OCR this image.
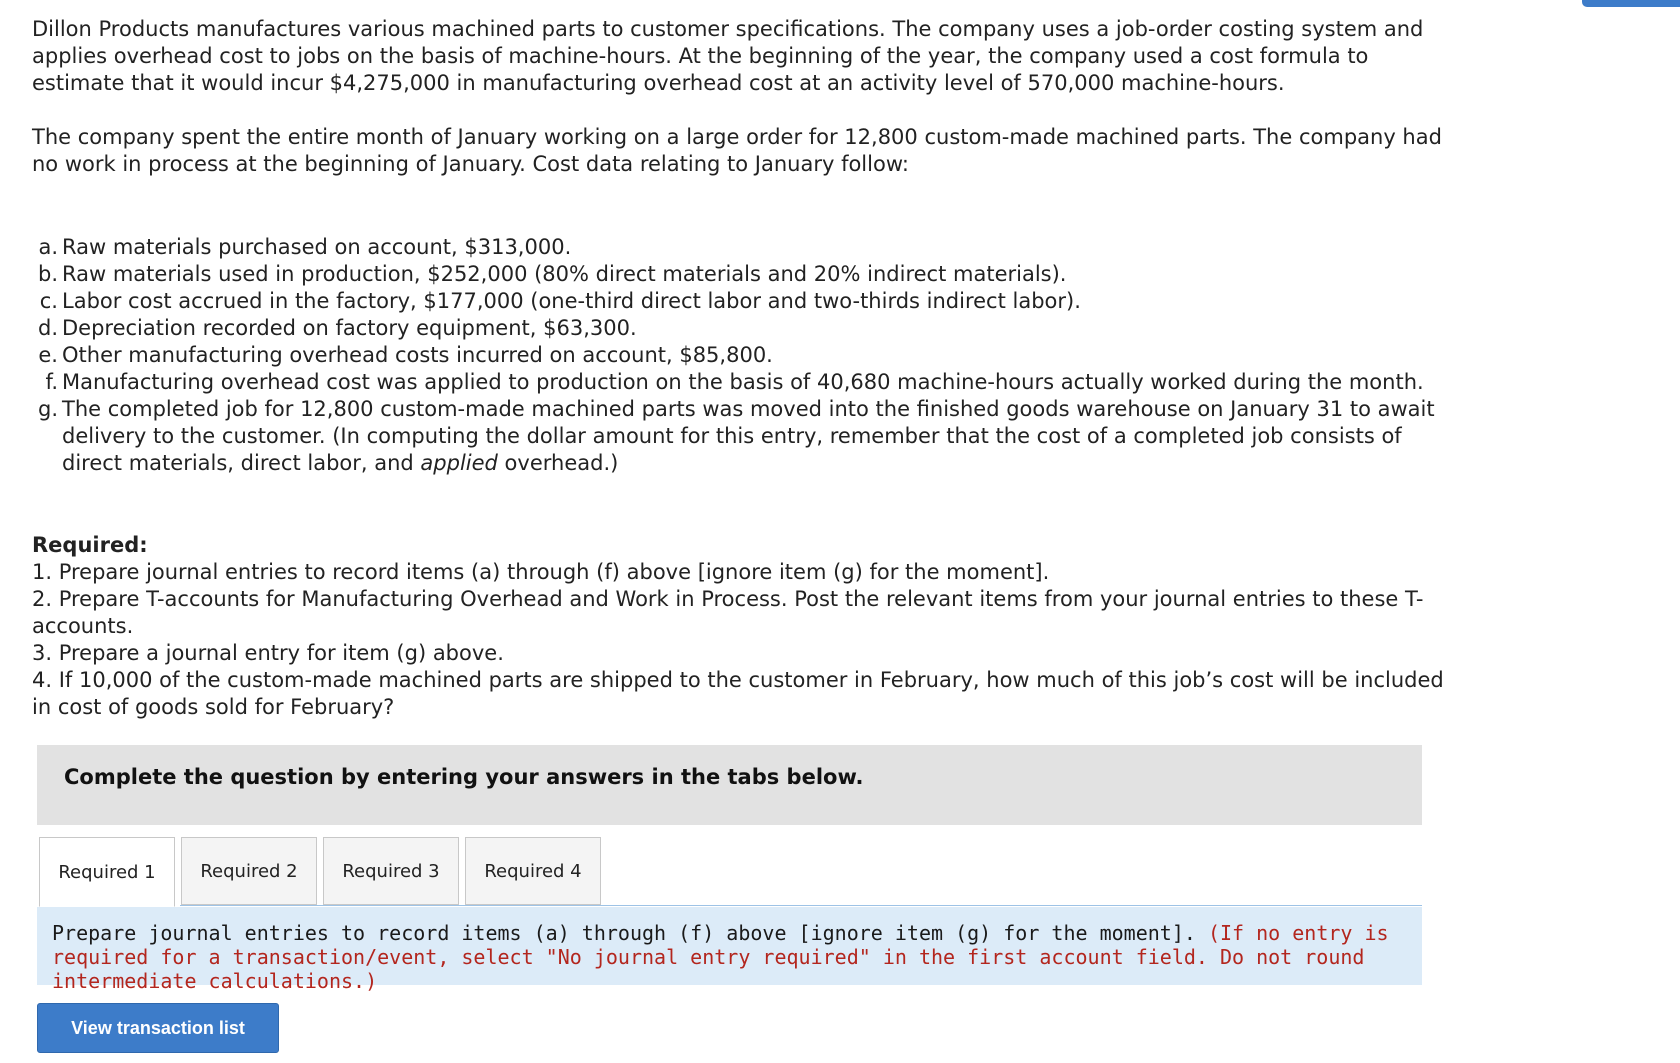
Dillon Products manufactures various machined parts to customer specifications. The company uses a job-order costing system and applies overhead cost to jobs on the basis of machine-hours. At the beginning of the year, the company used a cost formula to estimate that it would incur $4,275,000 in manufacturing overhead cost at an activity level of 570,000 machine-hours.

The company spent the entire month of January working on a large order for 12,800 custom-made machined parts. The company had no work in process at the beginning of January. Cost data relating to January follow:

a. Raw materials purchased on account, $313,000.
b. Raw materials used in production, $252,000 (80% direct materials and 20% indirect materials).
c. Labor cost accrued in the factory, $177,000 (one-third direct labor and two-thirds indirect labor).
d. Depreciation recorded on factory equipment, $63,300.
e. Other manufacturing overhead costs incurred on account, $85,800.
f. Manufacturing overhead cost was applied to production on the basis of 40,680 machine-hours actually worked during the month.
g. The completed job for 12,800 custom-made machined parts was moved into the finished goods warehouse on January 31 to await delivery to the customer. (In computing the dollar amount for this entry, remember that the cost of a completed job consists of direct materials, direct labor, and applied overhead.)

Required:

1. Prepare journal entries to record items (a) through (f) above [ignore item (g) for the moment].

2. Prepare T-accounts for Manufacturing Overhead and Work in Process. Post the relevant items from your journal entries to these T-accounts.

3. Prepare a journal entry for item (g) above.

4. If 10,000 of the custom-made machined parts are shipped to the customer in February, how much of this job’s cost will be included in cost of goods sold for February?

Complete the question by entering your answers in the tabs below.
Required 1	Required 2	Required 3	Required 4
Prepare journal entries to record items (a) through (f) above [ignore item (g) for the moment]. (If no entry is required for a transaction/event, select "No journal entry required" in the first account field. Do not round intermediate calculations.)
View transaction list
